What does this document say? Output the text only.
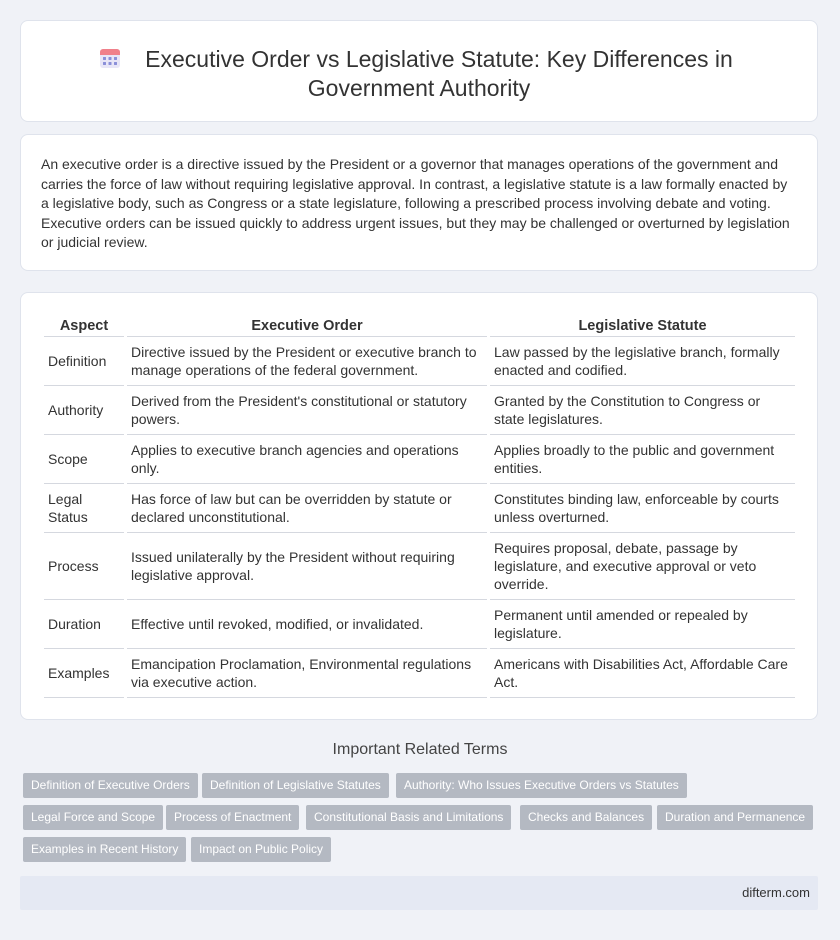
Executive Order vs Legislative Statute: Key Differences in
Government Authority

An executive order is a directive issued by the President or a governor that manages operations of the government and carries the force of law without requiring legislative approval. In contrast, a legislative statute is a law formally enacted by a legislative body, such as Congress or a state legislature, following a prescribed process involving debate and voting. Executive orders can be issued quickly to address urgent issues, but they may be challenged or overturned by legislation or judicial review.

Aspect	Executive Order	Legislative Statute
Definition	Directive issued by the President or executive branch to manage operations of the federal government.	Law passed by the legislative branch, formally enacted and codified.
Authority	Derived from the President's constitutional or statutory powers.	Granted by the Constitution to Congress or state legislatures.
Scope	Applies to executive branch agencies and operations only.	Applies broadly to the public and government entities.
Legal Status	Has force of law but can be overridden by statute or declared unconstitutional.	Constitutes binding law, enforceable by courts unless overturned.
Process	Issued unilaterally by the President without requiring legislative approval.	Requires proposal, debate, passage by legislature, and executive approval or veto override.
Duration	Effective until revoked, modified, or invalidated.	Permanent until amended or repealed by legislature.
Examples	Emancipation Proclamation, Environmental regulations via executive action.	Americans with Disabilities Act, Affordable Care Act.
Important Related Terms
Definition of Executive Orders	Definition of Legislative Statutes	Authority: Who Issues Executive Orders vs Statutes
Legal Force and Scope	Process of Enactment	Constitutional Basis and Limitations	Checks and Balances	Duration and Permanence
Examples in Recent History	Impact on Public Policy
difterm.com
